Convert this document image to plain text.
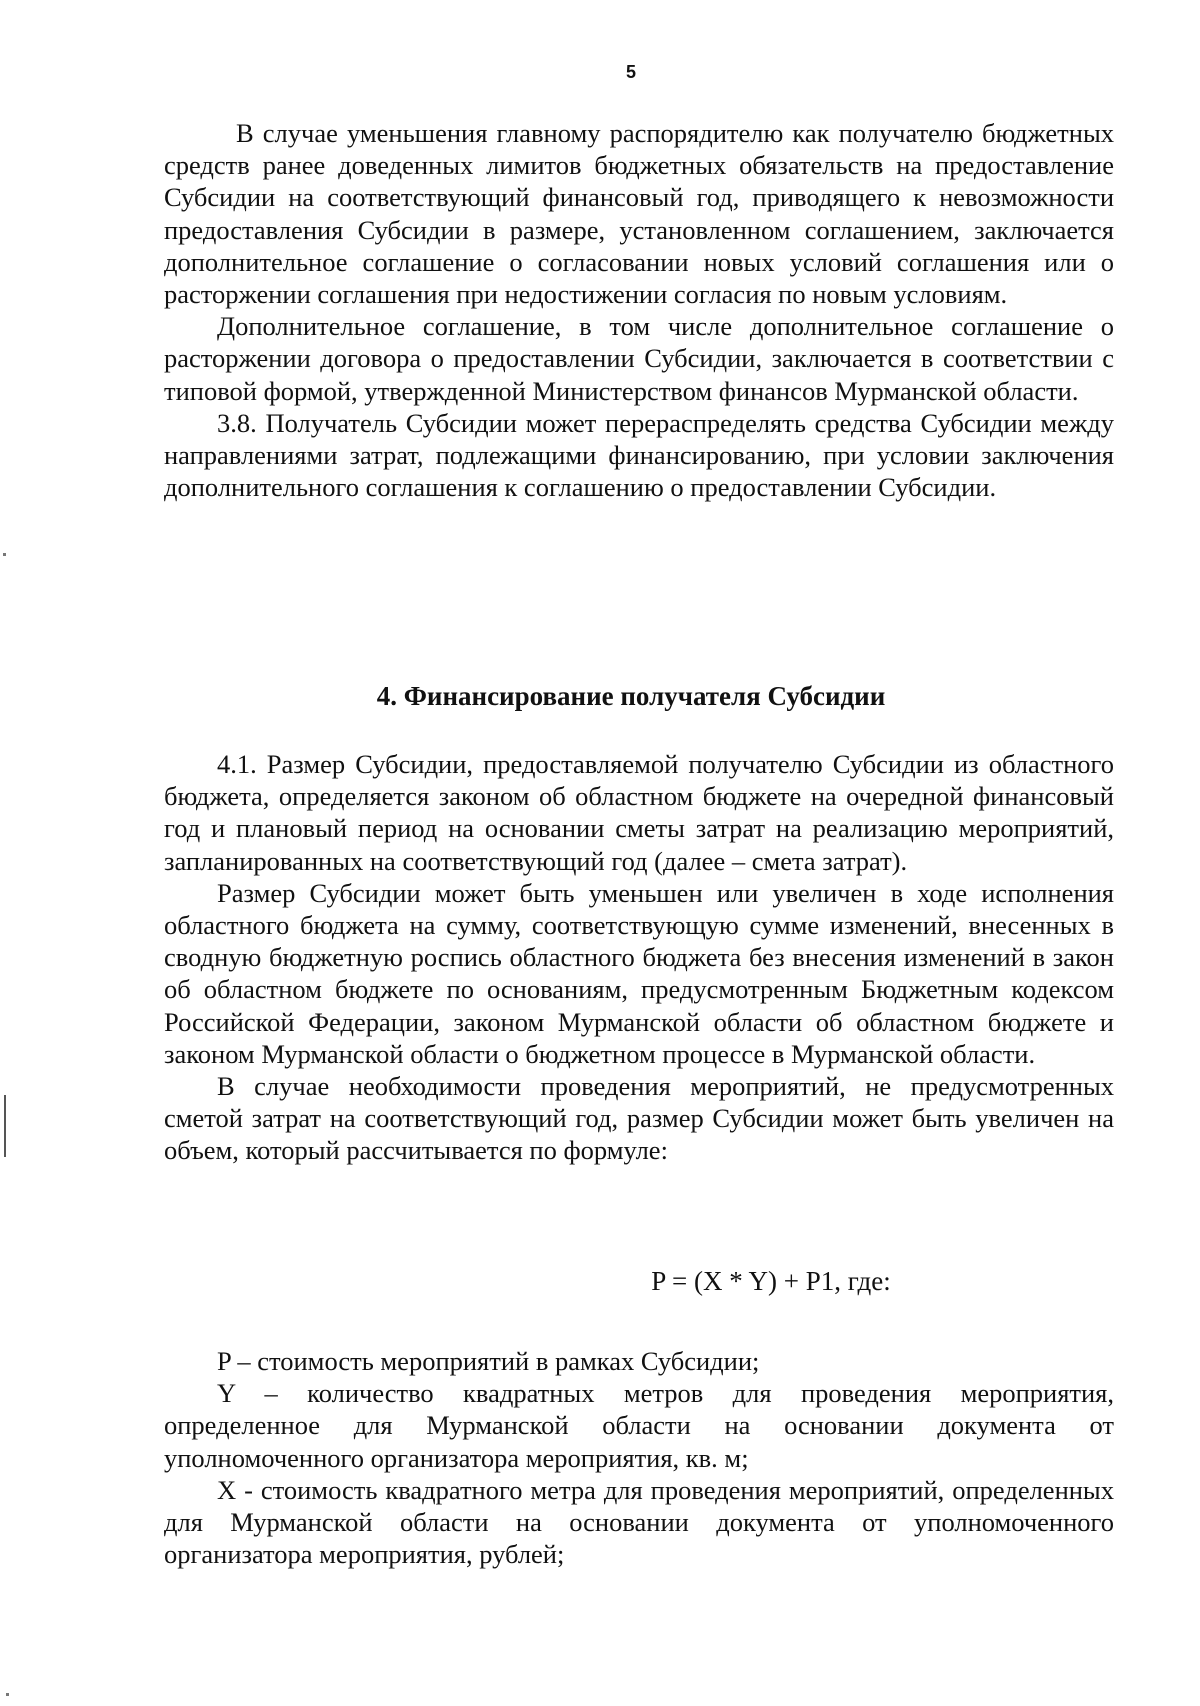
5

В случае уменьшения главному распорядителю как получателю бюджетных средств ранее доведенных лимитов бюджетных обязательств на предоставление Субсидии на соответствующий финансовый год, приводящего к невозможности предоставления Субсидии в размере, установленном соглашением, заключается дополнительное соглашение о согласовании новых условий соглашения или о расторжении соглашения при недостижении согласия по новым условиям.

Дополнительное соглашение, в том числе дополнительное соглашение о расторжении договора о предоставлении Субсидии, заключается в соответствии с типовой формой, утвержденной Министерством финансов Мурманской области.

3.8. Получатель Субсидии может перераспределять средства Субсидии между направлениями затрат, подлежащими финансированию, при условии заключения дополнительного соглашения к соглашению о предоставлении Субсидии.

4. Финансирование получателя Субсидии

4.1. Размер Субсидии, предоставляемой получателю Субсидии из областного бюджета, определяется законом об областном бюджете на очередной финансовый год и плановый период на основании сметы затрат на реализацию мероприятий, запланированных на соответствующий год (далее – смета затрат).

Размер Субсидии может быть уменьшен или увеличен в ходе исполнения областного бюджета на сумму, соответствующую сумме изменений, внесенных в сводную бюджетную роспись областного бюджета без внесения изменений в закон об областном бюджете по основаниям, предусмотренным Бюджетным кодексом Российской Федерации, законом Мурманской области об областном бюджете и законом Мурманской области о бюджетном процессе в Мурманской области.

В случае необходимости проведения мероприятий, не предусмотренных сметой затрат на соответствующий год, размер Субсидии может быть увеличен на объем, который рассчитывается по формуле:

P = (X * Y) + P1, где:

P – стоимость мероприятий в рамках Субсидии;

Y – количество квадратных метров для проведения мероприятия, определенное для Мурманской области на основании документа от уполномоченного организатора мероприятия, кв. м;

X - стоимость квадратного метра для проведения мероприятий, определенных для Мурманской области на основании документа от уполномоченного организатора мероприятия, рублей;
